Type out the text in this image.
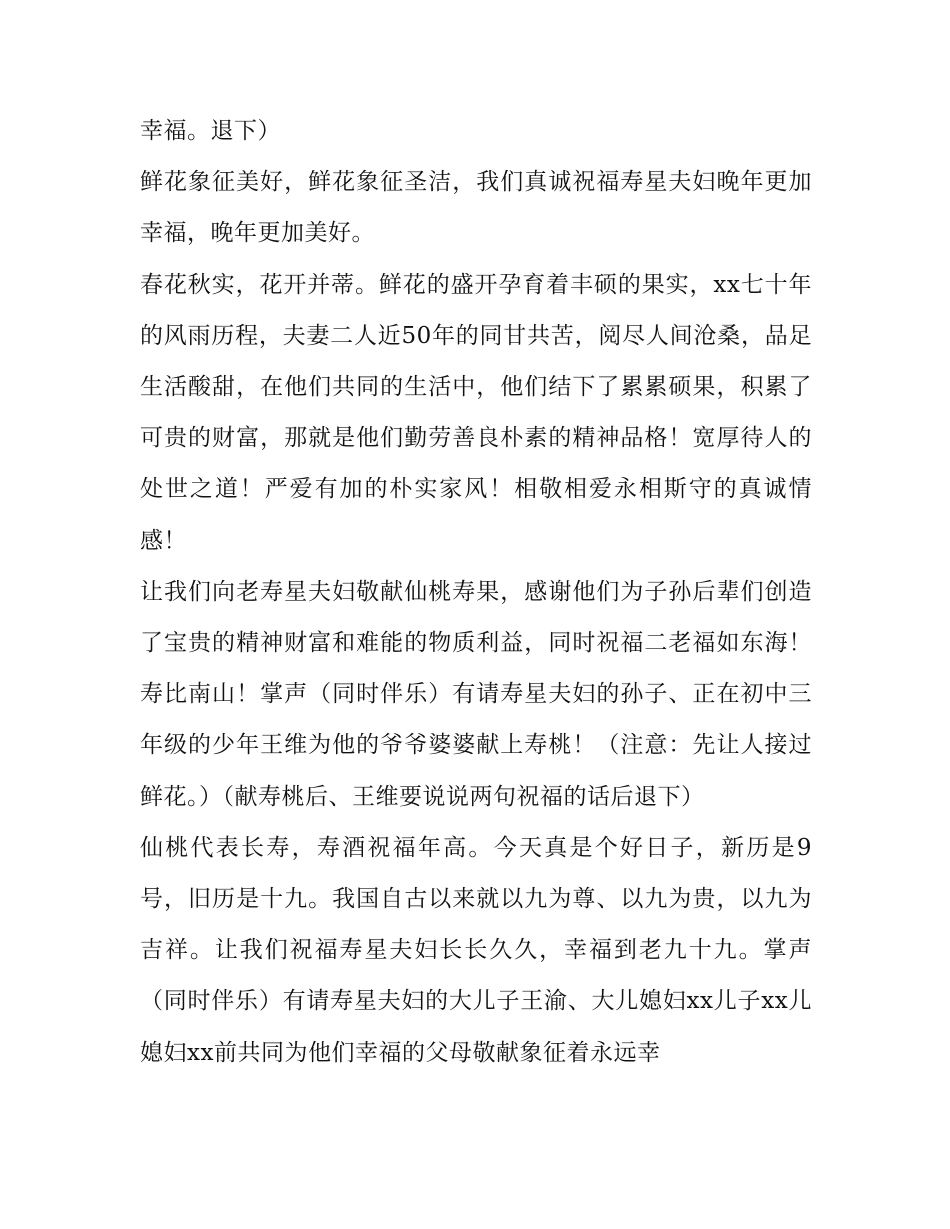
幸福。退下）

鲜花象征美好，鲜花象征圣洁，我们真诚祝福寿星夫妇晚年更加幸福，晚年更加美好。

春花秋实，花开并蒂。鲜花的盛开孕育着丰硕的果实，xx七十年的风雨历程，夫妻二人近50年的同甘共苦，阅尽人间沧桑，品足生活酸甜，在他们共同的生活中，他们结下了累累硕果，积累了可贵的财富，那就是他们勤劳善良朴素的精神品格！宽厚待人的处世之道！严爱有加的朴实家风！相敬相爱永相斯守的真诚情感！

让我们向老寿星夫妇敬献仙桃寿果，感谢他们为子孙后辈们创造了宝贵的精神财富和难能的物质利益，同时祝福二老福如东海！寿比南山！掌声（同时伴乐）有请寿星夫妇的孙子、正在初中三年级的少年王维为他的爷爷婆婆献上寿桃！（注意：先让人接过鲜花。）（献寿桃后、王维要说说两句祝福的话后退下）

仙桃代表长寿，寿酒祝福年高。今天真是个好日子，新历是9号，旧历是十九。我国自古以来就以九为尊、以九为贵，以九为吉祥。让我们祝福寿星夫妇长长久久，幸福到老九十九。掌声（同时伴乐）有请寿星夫妇的大儿子王渝、大儿媳妇xx儿子xx儿媳妇xx前共同为他们幸福的父母敬献象征着永远幸
